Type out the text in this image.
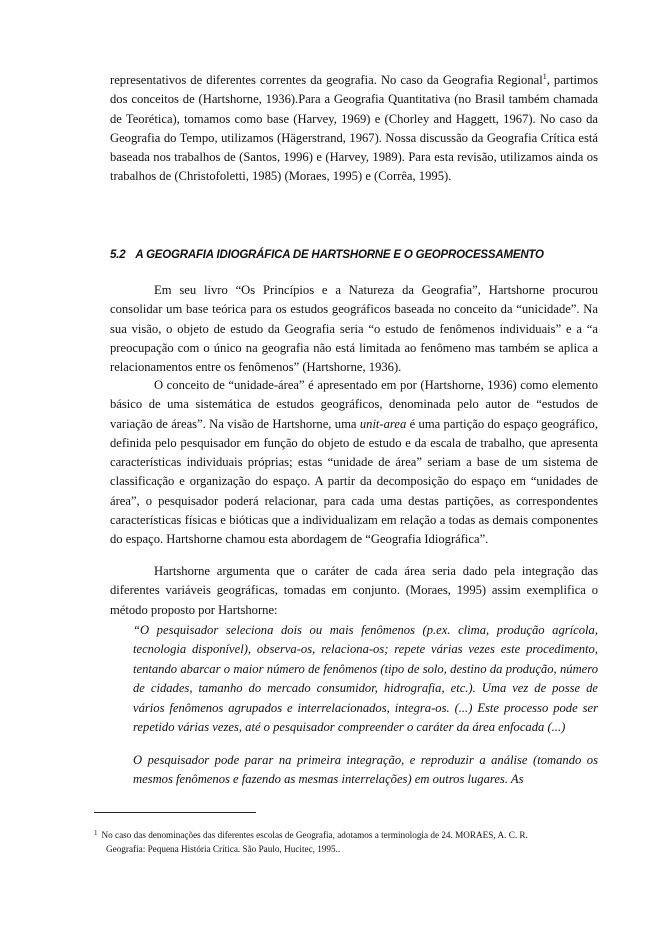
representativos de diferentes correntes da geografia. No caso da Geografia Regional$^1$, partimos dos conceitos de (Hartshorne, 1936).Para a Geografia Quantitativa (no Brasil também chamada de Teorética), tomamos como base (Harvey, 1969) e (Chorley and Haggett, 1967). No caso da Geografia do Tempo, utilizamos (Hägerstrand, 1967). Nossa discussão da Geografia Crítica está baseada nos trabalhos de (Santos, 1996) e (Harvey, 1989). Para esta revisão, utilizamos ainda os trabalhos de (Christofoletti, 1985) (Moraes, 1995) e (Corrêa, 1995).

5.2 A GEOGRAFIA IDIOGRÁFICA DE HARTSHORNE E O GEOPROCESSAMENTO

Em seu livro “Os Princípios e a Natureza da Geografia”, Hartshorne procurou consolidar um base teórica para os estudos geográficos baseada no conceito da “unicidade”. Na sua visão, o objeto de estudo da Geografia seria “o estudo de fenômenos individuais” e a “a preocupação com o único na geografia não está limitada ao fenômeno mas também se aplica a relacionamentos entre os fenômenos” (Hartshorne, 1936).

O conceito de “unidade-área” é apresentado em por (Hartshorne, 1936) como elemento básico de uma sistemática de estudos geográficos, denominada pelo autor de “estudos de variação de áreas”. Na visão de Hartshorne, uma unit-area é uma partição do espaço geográfico, definida pelo pesquisador em função do objeto de estudo e da escala de trabalho, que apresenta características individuais próprias; estas “unidade de área” seriam a base de um sistema de classificação e organização do espaço. A partir da decomposição do espaço em “unidades de área”, o pesquisador poderá relacionar, para cada uma destas partições, as correspondentes características físicas e bióticas que a individualizam em relação a todas as demais componentes do espaço. Hartshorne chamou esta abordagem de “Geografia Idiográfica”.

Hartshorne argumenta que o caráter de cada área seria dado pela integração das diferentes variáveis geográficas, tomadas em conjunto. (Moraes, 1995) assim exemplifica o método proposto por Hartshorne:

“O pesquisador seleciona dois ou mais fenômenos (p.ex. clima, produção agrícola, tecnologia disponível), observa-os, relaciona-os; repete várias vezes este procedimento, tentando abarcar o maior número de fenômenos (tipo de solo, destino da produção, número de cidades, tamanho do mercado consumidor, hidrografia, etc.). Uma vez de posse de vários fenômenos agrupados e interrelacionados, integra-os. (...) Este processo pode ser repetido várias vezes, até o pesquisador compreender o caráter da área enfocada (...)

O pesquisador pode parar na primeira integração, e reproduzir a análise (tomando os mesmos fenômenos e fazendo as mesmas interrelações) em outros lugares. As

$^1$ No caso das denominações das diferentes escolas de Geografia, adotamos a terminologia de 24. MORAES, A. C. R.
Geografia: Pequena História Crítica. São Paulo, Hucitec, 1995..
